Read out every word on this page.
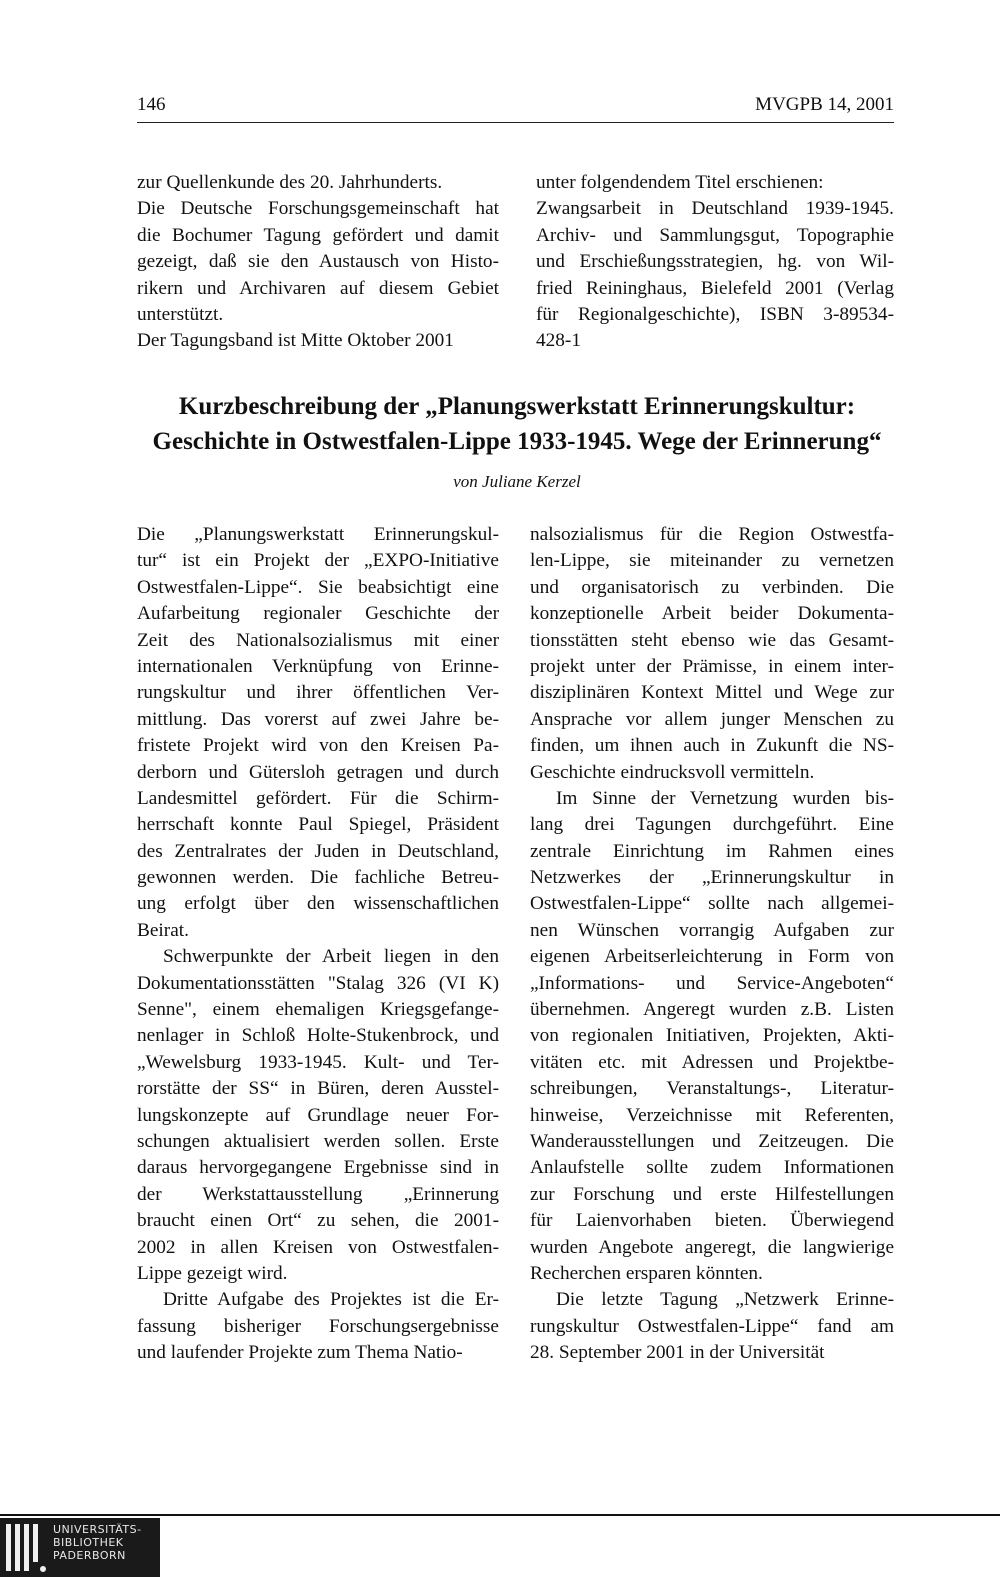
146	MVGPB 14, 2001
zur Quellenkunde des 20. Jahrhunderts.
Die Deutsche Forschungsgemeinschaft hat
die Bochumer Tagung gefördert und damit
gezeigt, daß sie den Austausch von Histo-
rikern und Archivaren auf diesem Gebiet
unterstützt.
Der Tagungsband ist Mitte Oktober 2001
unter folgendendem Titel erschienen:
Zwangsarbeit in Deutschland 1939-1945.
Archiv- und Sammlungsgut, Topographie
und Erschießungsstrategien, hg. von Wil-
fried Reininghaus, Bielefeld 2001 (Verlag
für Regionalgeschichte), ISBN 3-89534-
428-1
Kurzbeschreibung der „Planungswerkstatt Erinnerungskultur:
Geschichte in Ostwestfalen-Lippe 1933-1945. Wege der Erinnerung“
von Juliane Kerzel
Die „Planungswerkstatt Erinnerungskul-
tur“ ist ein Projekt der „EXPO-Initiative
Ostwestfalen-Lippe“. Sie beabsichtigt eine
Aufarbeitung regionaler Geschichte der
Zeit des Nationalsozialismus mit einer
internationalen Verknüpfung von Erinne-
rungskultur und ihrer öffentlichen Ver-
mittlung. Das vorerst auf zwei Jahre be-
fristete Projekt wird von den Kreisen Pa-
derborn und Gütersloh getragen und durch
Landesmittel gefördert. Für die Schirm-
herrschaft konnte Paul Spiegel, Präsident
des Zentralrates der Juden in Deutschland,
gewonnen werden. Die fachliche Betreu-
ung erfolgt über den wissenschaftlichen
Beirat.
Schwerpunkte der Arbeit liegen in den
Dokumentationsstätten "Stalag 326 (VI K)
Senne", einem ehemaligen Kriegsgefange-
nenlager in Schloß Holte-Stukenbrock, und
„Wewelsburg 1933-1945. Kult- und Ter-
rorstätte der SS“ in Büren, deren Ausstel-
lungskonzepte auf Grundlage neuer For-
schungen aktualisiert werden sollen. Erste
daraus hervorgegangene Ergebnisse sind in
der Werkstattausstellung „Erinnerung
braucht einen Ort“ zu sehen, die 2001-
2002 in allen Kreisen von Ostwestfalen-
Lippe gezeigt wird.
Dritte Aufgabe des Projektes ist die Er-
fassung bisheriger Forschungsergebnisse
und laufender Projekte zum Thema Natio-
nalsozialismus für die Region Ostwestfa-
len-Lippe, sie miteinander zu vernetzen
und organisatorisch zu verbinden. Die
konzeptionelle Arbeit beider Dokumenta-
tionsstätten steht ebenso wie das Gesamt-
projekt unter der Prämisse, in einem inter-
disziplinären Kontext Mittel und Wege zur
Ansprache vor allem junger Menschen zu
finden, um ihnen auch in Zukunft die NS-
Geschichte eindrucksvoll vermitteln.
Im Sinne der Vernetzung wurden bis-
lang drei Tagungen durchgeführt. Eine
zentrale Einrichtung im Rahmen eines
Netzwerkes der „Erinnerungskultur in
Ostwestfalen-Lippe“ sollte nach allgemei-
nen Wünschen vorrangig Aufgaben zur
eigenen Arbeitserleichterung in Form von
„Informations- und Service-Angeboten“
übernehmen. Angeregt wurden z.B. Listen
von regionalen Initiativen, Projekten, Akti-
vitäten etc. mit Adressen und Projektbe-
schreibungen, Veranstaltungs-, Literatur-
hinweise, Verzeichnisse mit Referenten,
Wanderausstellungen und Zeitzeugen. Die
Anlaufstelle sollte zudem Informationen
zur Forschung und erste Hilfestellungen
für Laienvorhaben bieten. Überwiegend
wurden Angebote angeregt, die langwierige
Recherchen ersparen könnten.
Die letzte Tagung „Netzwerk Erinne-
rungskultur Ostwestfalen-Lippe“ fand am
28. September 2001 in der Universität
UNIVERSITÄTS-
BIBLIOTHEK
PADERBORN
